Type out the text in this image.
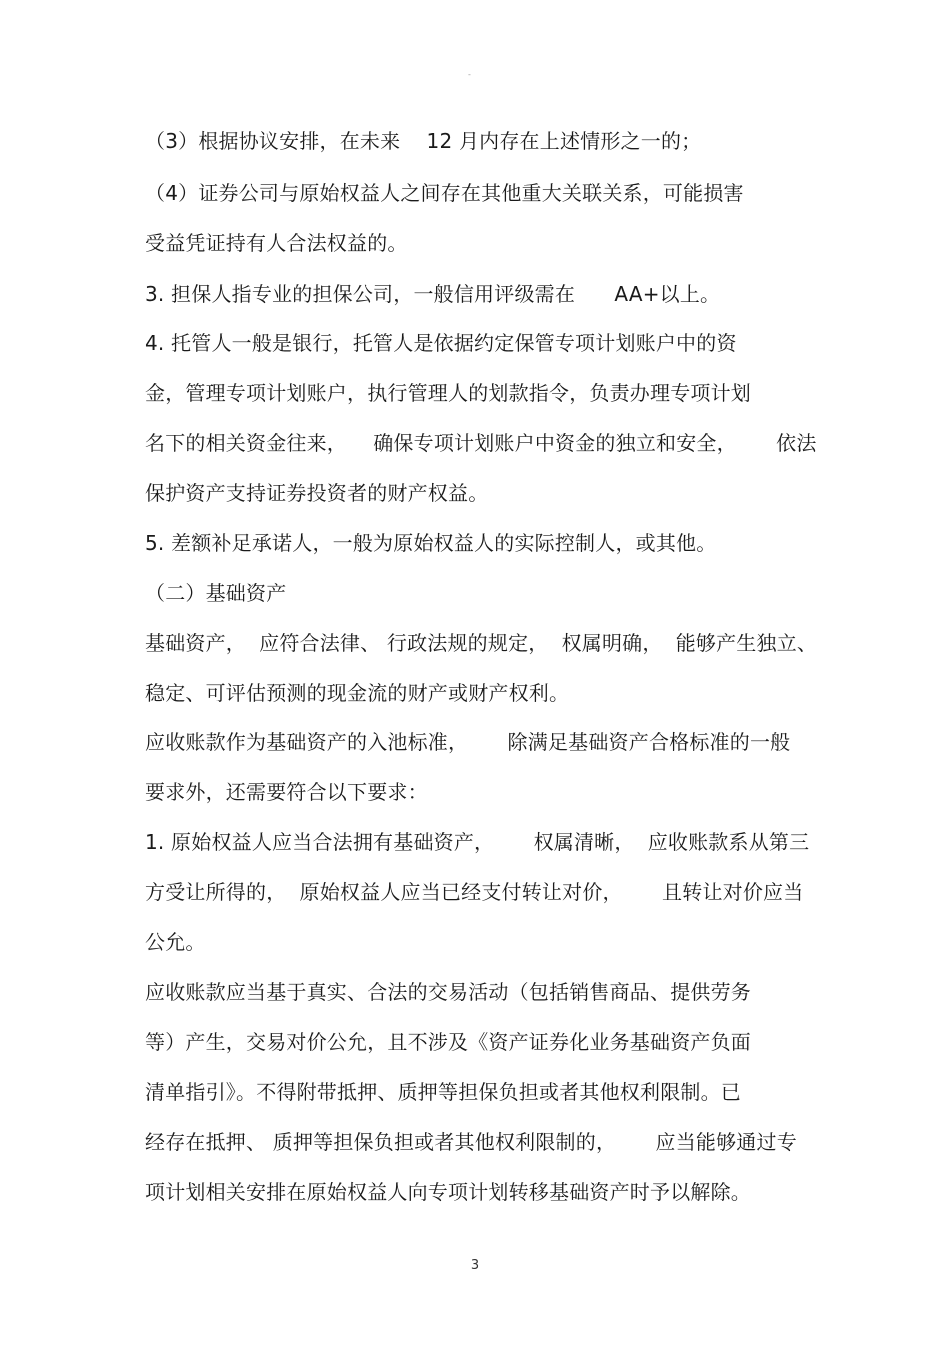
-
（3）根据协议安排，在未来    12 月内存在上述情形之一的；
（4）证券公司与原始权益人之间存在其他重大关联关系，可能损害
受益凭证持有人合法权益的。
3. 担保人指专业的担保公司，一般信用评级需在      AA+以上。
4. 托管人一般是银行，托管人是依据约定保管专项计划账户中的资
金，管理专项计划账户，执行管理人的划款指令，负责办理专项计划
名下的相关资金往来，    确保专项计划账户中资金的独立和安全，      依法
保护资产支持证券投资者的财产权益。
5. 差额补足承诺人，一般为原始权益人的实际控制人，或其他。
（二）基础资产
基础资产，  应符合法律、 行政法规的规定，  权属明确，  能够产生独立、
稳定、可评估预测的现金流的财产或财产权利。
应收账款作为基础资产的入池标准，      除满足基础资产合格标准的一般
要求外，还需要符合以下要求：
1. 原始权益人应当合法拥有基础资产，      权属清晰，  应收账款系从第三
方受让所得的，  原始权益人应当已经支付转让对价，      且转让对价应当
公允。
应收账款应当基于真实、合法的交易活动（包括销售商品、提供劳务
等）产生，交易对价公允，且不涉及《资产证券化业务基础资产负面
清单指引》。不得附带抵押、质押等担保负担或者其他权利限制。已
经存在抵押、 质押等担保负担或者其他权利限制的，      应当能够通过专
项计划相关安排在原始权益人向专项计划转移基础资产时予以解除。
3
